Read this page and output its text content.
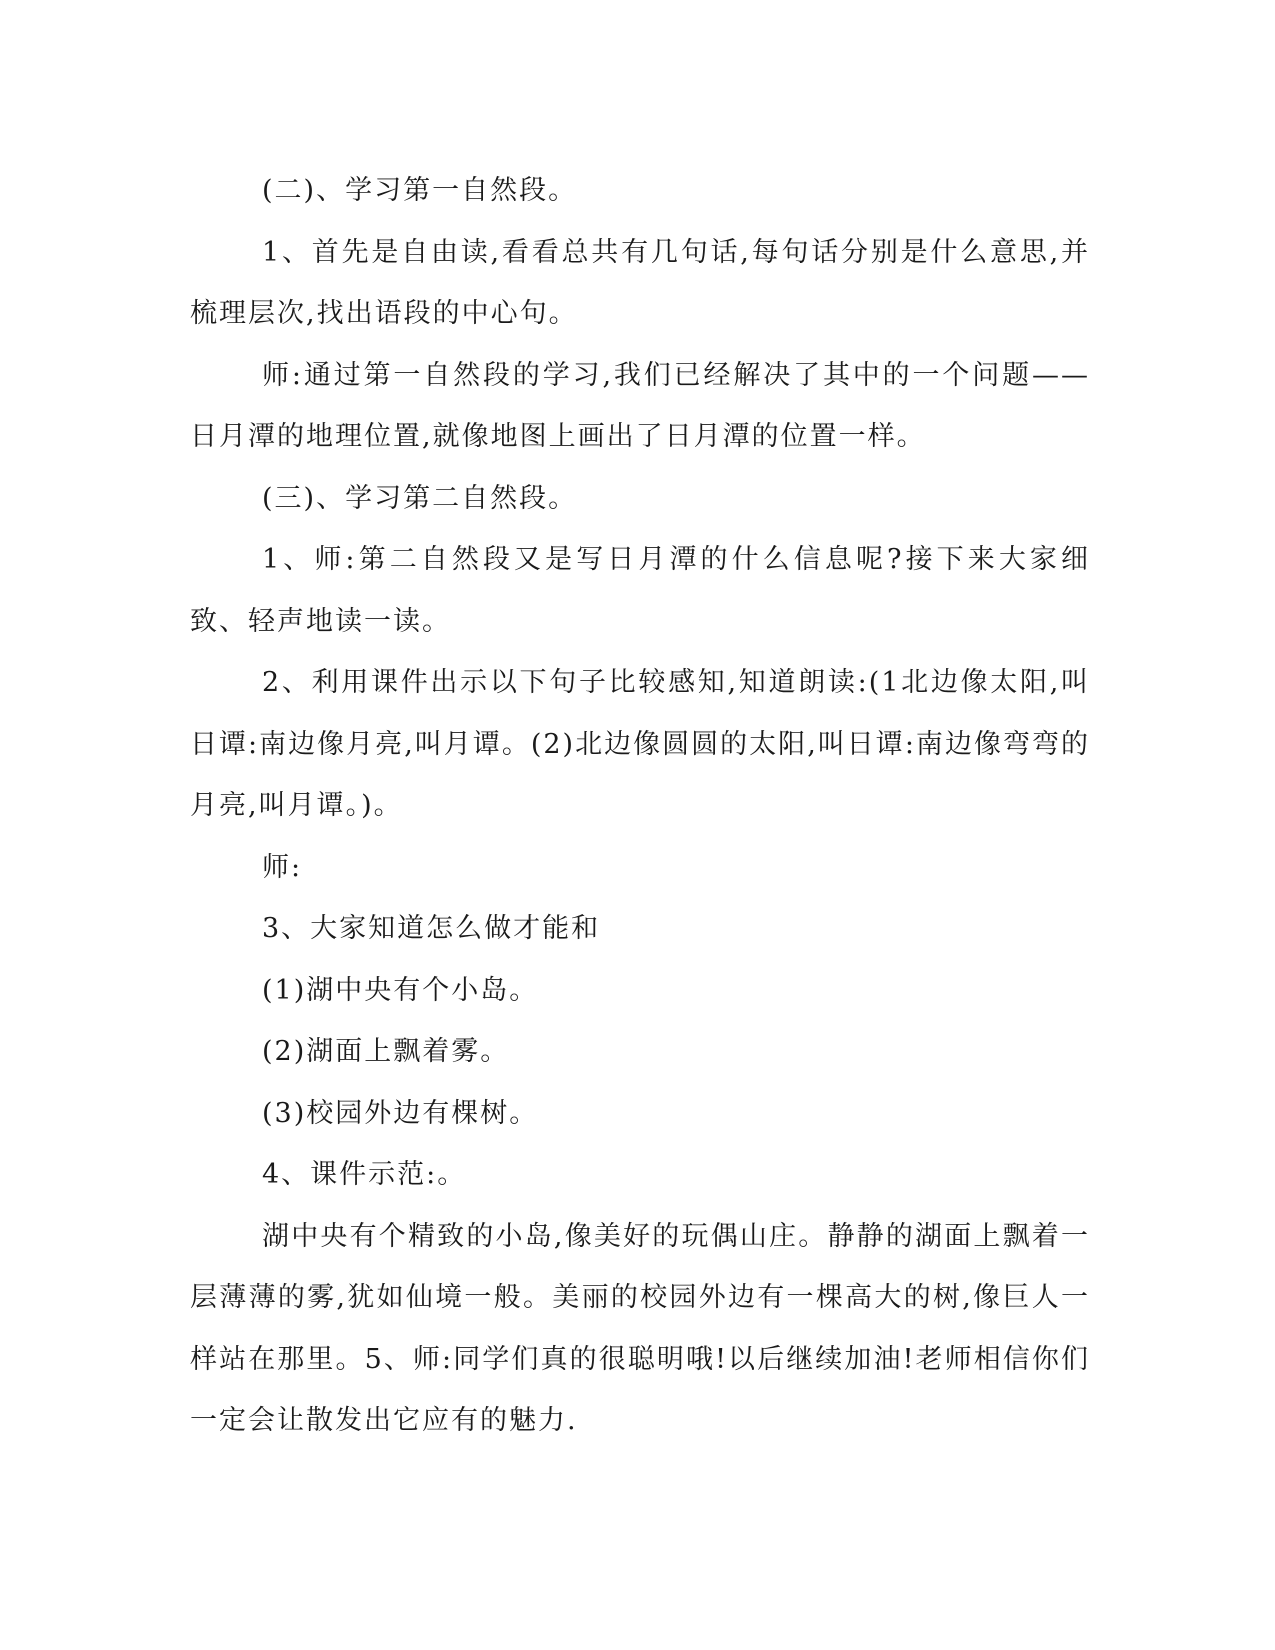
(二)、学习第一自然段。

1、首先是自由读,看看总共有几句话,每句话分别是什么意思,并梳理层次,找出语段的中心句。

师:通过第一自然段的学习,我们已经解决了其中的一个问题——日月潭的地理位置,就像地图上画出了日月潭的位置一样。

(三)、学习第二自然段。

1、师:第二自然段又是写日月潭的什么信息呢?接下来大家细致、轻声地读一读。

2、利用课件出示以下句子比较感知,知道朗读:(1北边像太阳,叫日谭:南边像月亮,叫月谭。(2)北边像圆圆的太阳,叫日谭:南边像弯弯的月亮,叫月谭。)。

师:

3、大家知道怎么做才能和

(1)湖中央有个小岛。

(2)湖面上飘着雾。

(3)校园外边有棵树。

4、课件示范:。

湖中央有个精致的小岛,像美好的玩偶山庄。静静的湖面上飘着一层薄薄的雾,犹如仙境一般。美丽的校园外边有一棵高大的树,像巨人一样站在那里。5、师:同学们真的很聪明哦!以后继续加油!老师相信你们一定会让散发出它应有的魅力.
